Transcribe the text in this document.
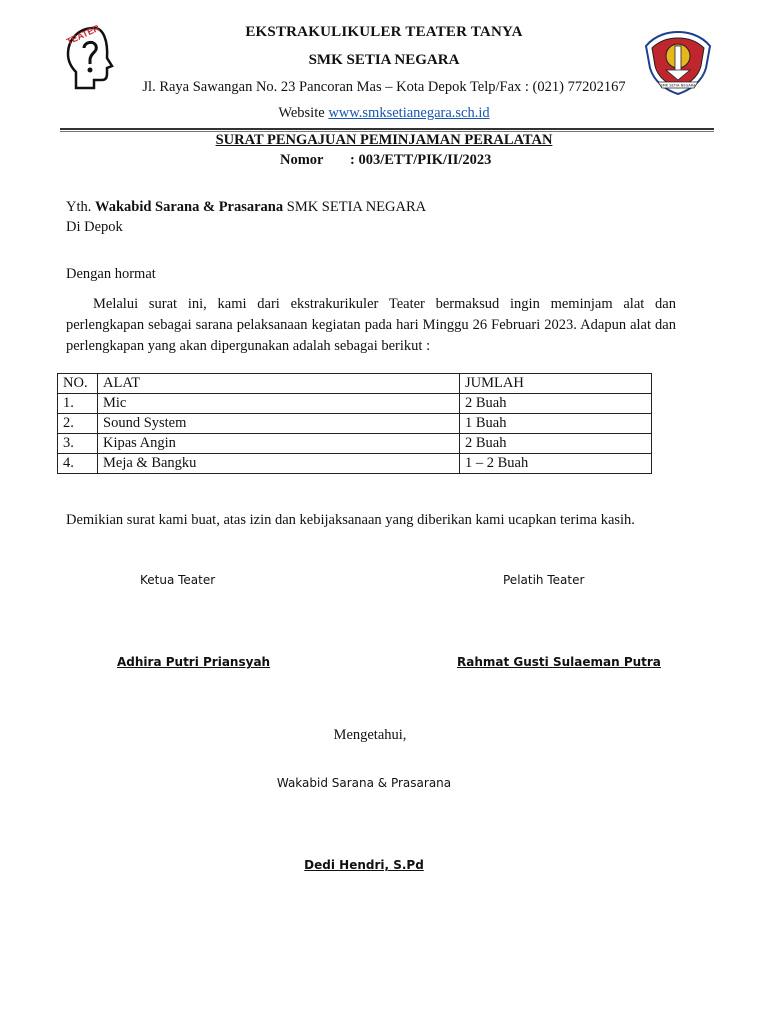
TEATER
SMK SETIA NEGARA
EKSTRAKULIKULER TEATER TANYA
SMK SETIA NEGARA
Jl. Raya Sawangan No. 23 Pancoran Mas – Kota Depok Telp/Fax : (021) 77202167
Website www.smksetianegara.sch.id
SURAT PENGAJUAN PEMINJAMAN PERALATAN
Nomor : 003/ETT/PIK/II/2023
Yth. Wakabid Sarana & Prasarana SMK SETIA NEGARA
Di Depok
Dengan hormat
Melalui surat ini, kami dari ekstrakurikuler Teater bermaksud ingin meminjam alat dan perlengkapan sebagai sarana pelaksanaan kegiatan pada hari Minggu 26 Februari 2023. Adapun alat dan perlengkapan yang akan dipergunakan adalah sebagai berikut :
NO.	ALAT	JUMLAH
1.	Mic	2 Buah
2.	Sound System	1 Buah
3.	Kipas Angin	2 Buah
4.	Meja & Bangku	1 – 2 Buah
Demikian surat kami buat, atas izin dan kebijaksanaan yang diberikan kami ucapkan terima kasih.
Ketua Teater	Pelatih Teater
Adhira Putri Priansyah	Rahmat Gusti Sulaeman Putra
Mengetahui,
Wakabid Sarana & Prasarana
Dedi Hendri, S.Pd
